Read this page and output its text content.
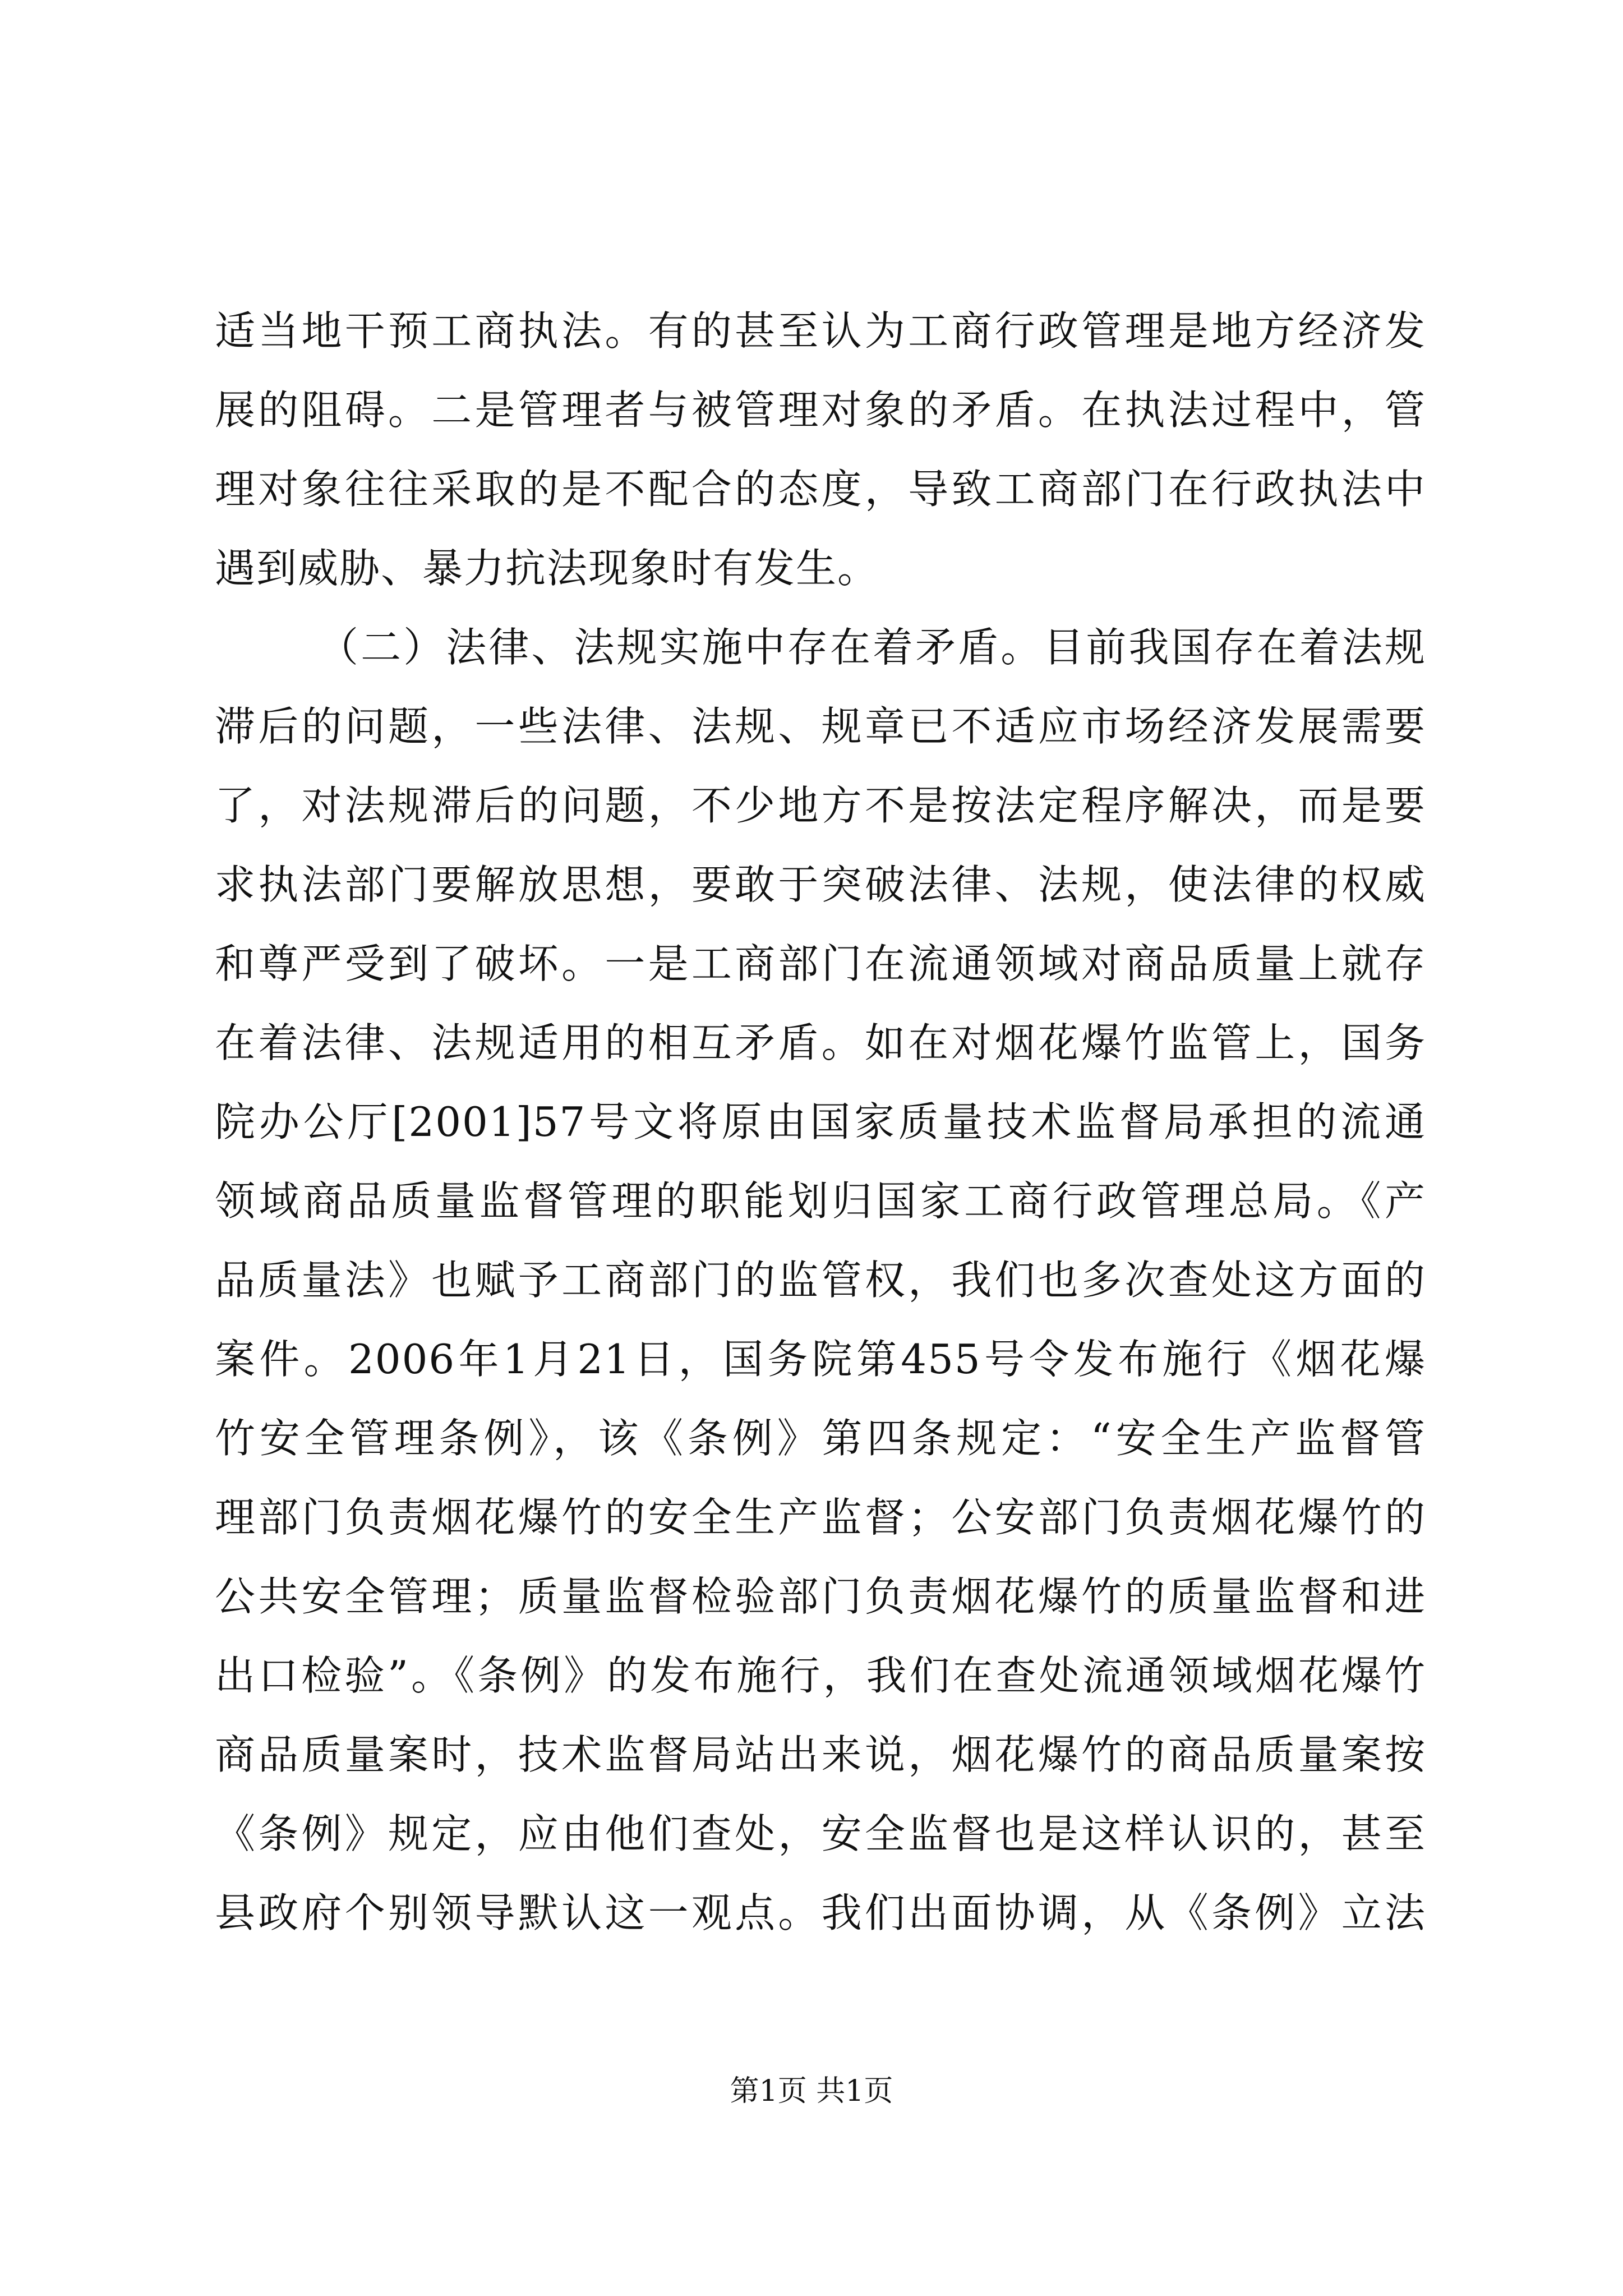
适当地干预工商执法。有的甚至认为工商行政管理是地方经济发
展的阻碍。二是管理者与被管理对象的矛盾。在执法过程中，管
理对象往往采取的是不配合的态度，导致工商部门在行政执法中
遇到威胁、暴力抗法现象时有发生。
（二）法律、法规实施中存在着矛盾。目前我国存在着法规
滞后的问题，一些法律、法规、规章已不适应市场经济发展需要
了，对法规滞后的问题，不少地方不是按法定程序解决，而是要
求执法部门要解放思想，要敢于突破法律、法规，使法律的权威
和尊严受到了破坏。一是工商部门在流通领域对商品质量上就存
在着法律、法规适用的相互矛盾。如在对烟花爆竹监管上，国务
院办公厅[2001]57号文将原由国家质量技术监督局承担的流通
领域商品质量监督管理的职能划归国家工商行政管理总局。《产
品质量法》也赋予工商部门的监管权，我们也多次查处这方面的
案件。2006年1月21日，国务院第455号令发布施行《烟花爆
竹安全管理条例》，该《条例》第四条规定：“安全生产监督管
理部门负责烟花爆竹的安全生产监督；公安部门负责烟花爆竹的
公共安全管理；质量监督检验部门负责烟花爆竹的质量监督和进
出口检验”。《条例》的发布施行，我们在查处流通领域烟花爆竹
商品质量案时，技术监督局站出来说，烟花爆竹的商品质量案按
《条例》规定，应由他们查处，安全监督也是这样认识的，甚至
县政府个别领导默认这一观点。我们出面协调，从《条例》立法
第1页 共1页
